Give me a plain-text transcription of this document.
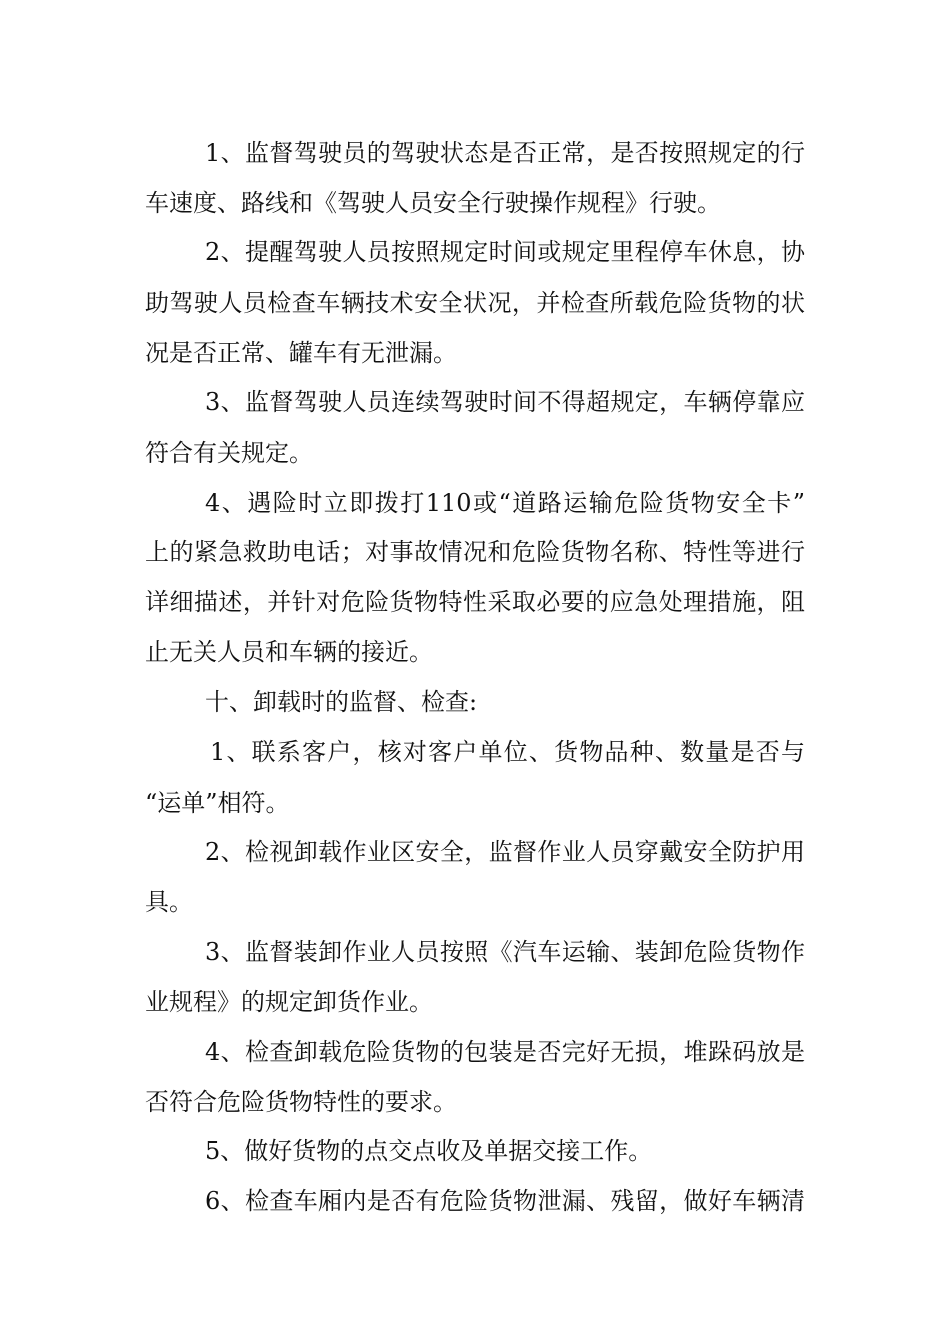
1、监督驾驶员的驾驶状态是否正常，是否按照规定的行
车速度、路线和《驾驶人员安全行驶操作规程》行驶。
2、提醒驾驶人员按照规定时间或规定里程停车休息，协
助驾驶人员检查车辆技术安全状况，并检查所载危险货物的状
况是否正常、罐车有无泄漏。
3、监督驾驶人员连续驾驶时间不得超规定，车辆停靠应
符合有关规定。
4、遇险时立即拨打110或“道路运输危险货物安全卡”
上的紧急救助电话；对事故情况和危险货物名称、特性等进行
详细描述，并针对危险货物特性采取必要的应急处理措施，阻
止无关人员和车辆的接近。
十、卸载时的监督、检查:
1、联系客户，核对客户单位、货物品种、数量是否与
“运单”相符。
2、检视卸载作业区安全，监督作业人员穿戴安全防护用
具。
3、监督装卸作业人员按照《汽车运输、装卸危险货物作
业规程》的规定卸货作业。
4、检查卸载危险货物的包装是否完好无损，堆跺码放是
否符合危险货物特性的要求。
5、做好货物的点交点收及单据交接工作。
6、检查车厢内是否有危险货物泄漏、残留，做好车辆清
